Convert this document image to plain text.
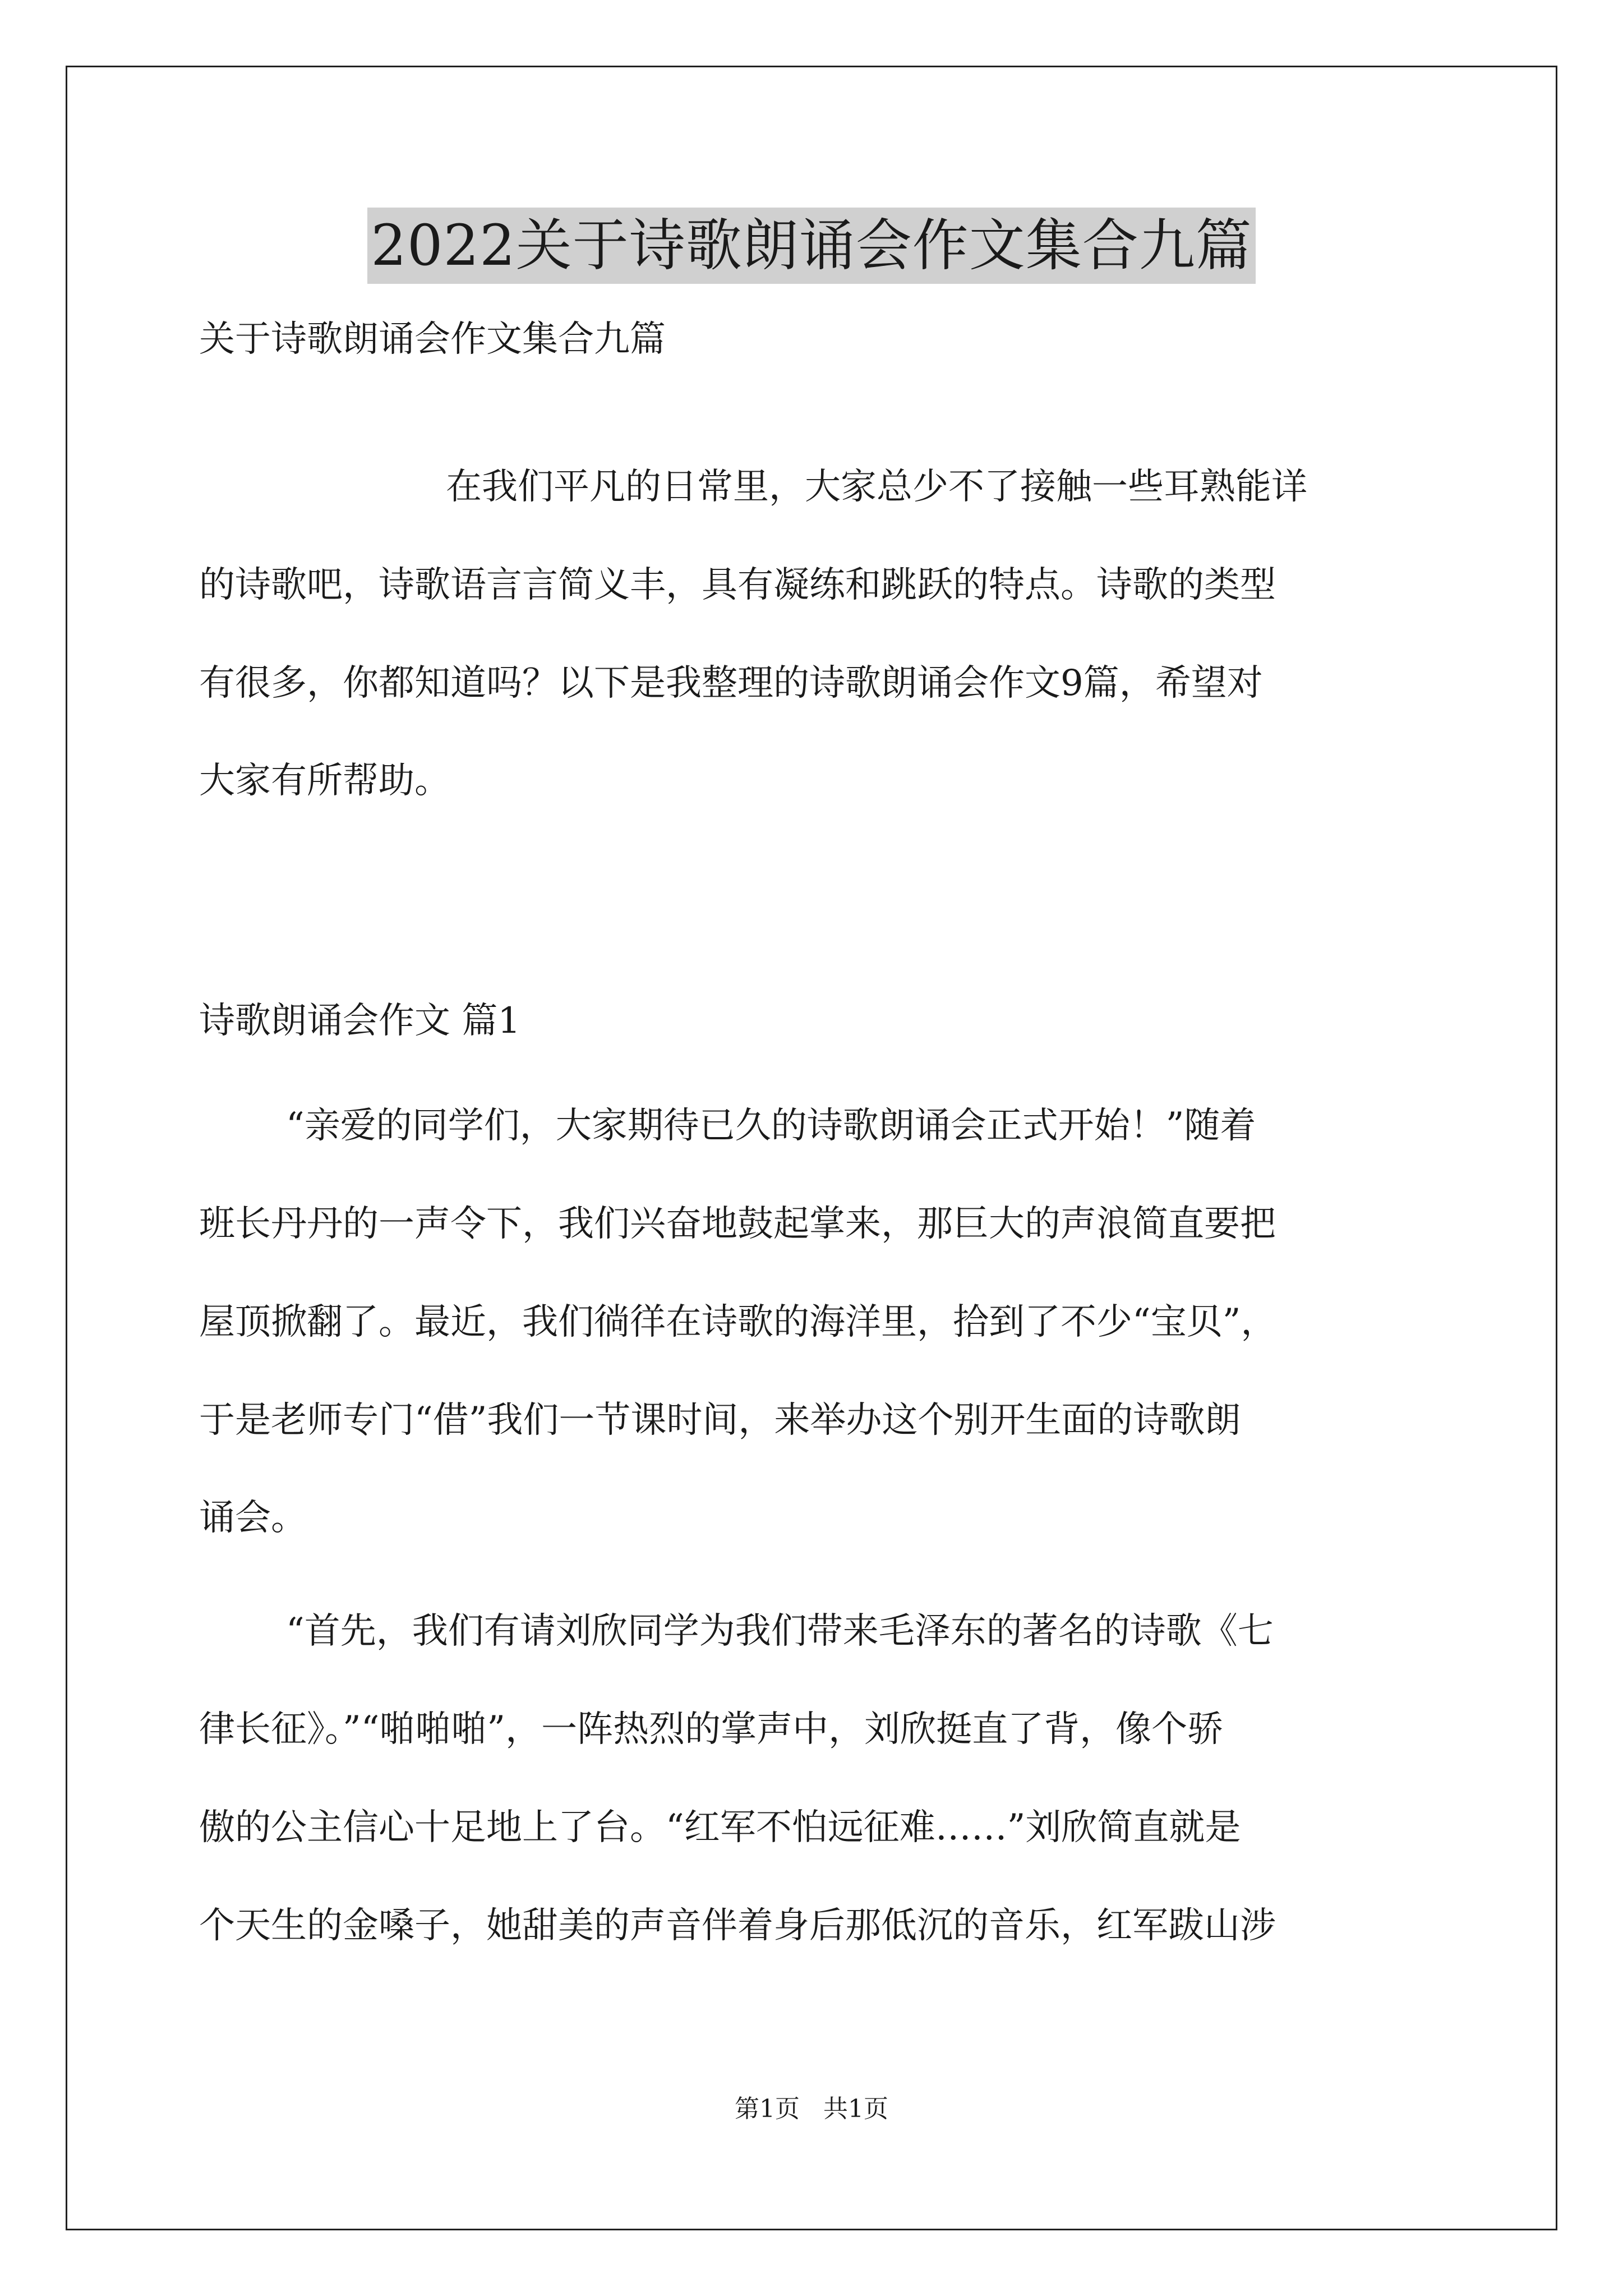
2022关于诗歌朗诵会作文集合九篇
关于诗歌朗诵会作文集合九篇
在我们平凡的日常里，大家总少不了接触一些耳熟能详
的诗歌吧，诗歌语言言简义丰，具有凝练和跳跃的特点。诗歌的类型
有很多，你都知道吗？以下是我整理的诗歌朗诵会作文9篇，希望对
大家有所帮助。
诗歌朗诵会作文 篇1
“亲爱的同学们，大家期待已久的诗歌朗诵会正式开始！”随着
班长丹丹的一声令下，我们兴奋地鼓起掌来，那巨大的声浪简直要把
屋顶掀翻了。最近，我们徜徉在诗歌的海洋里，拾到了不少“宝贝”，
于是老师专门“借”我们一节课时间，来举办这个别开生面的诗歌朗
诵会。
“首先，我们有请刘欣同学为我们带来毛泽东的著名的诗歌《七
律长征》。”“啪啪啪”，一阵热烈的掌声中，刘欣挺直了背，像个骄
傲的公主信心十足地上了台。“红军不怕远征难……”刘欣简直就是
个天生的金嗓子，她甜美的声音伴着身后那低沉的音乐，红军跋山涉
第1页 共1页
